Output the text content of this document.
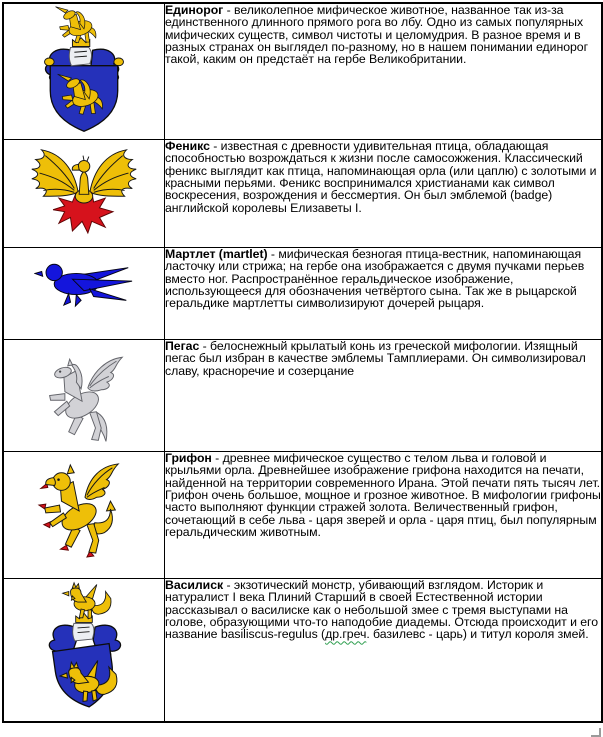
Единорог - великолепное мифическое животное, названное так из-за единственного длинного прямого рога во лбу. Одно из самых популярных мифических существ, символ чистоты и целомудрия. В разное время и в разных странах он выглядел по-разному, но в нашем понимании единорог такой, каким он предстаёт на гербе Великобритании.

Феникс - известная с древности удивительная птица, обладающая способностью возрождаться к жизни после самосожжения. Классический феникс выглядит как птица, напоминающая орла (или цаплю) с золотыми и красными перьями. Феникс воспринимался христианами как символ воскресения, возрождения и бессмертия. Он был эмблемой (badge) английской королевы Елизаветы I.

Мартлет (martlet) - мифическая безногая птица-вестник, напоминающая ласточку или стрижа; на гербе она изображается с двумя пучками перьев вместо ног. Распространённое геральдическое изображение, использующееся для обозначения четвёртого сына. Так же в рыцарской геральдике мартлетты символизируют дочерей рыцаря.

Пегас - белоснежный крылатый конь из греческой мифологии. Изящный пегас был избран в качестве эмблемы Тамплиерами. Он символизировал славу, красноречие и созерцание

Грифон - древнее мифическое существо с телом льва и головой и крыльями орла. Древнейшее изображение грифона находится на печати, найденной на территории современного Ирана. Этой печати пять тысяч лет. Грифон очень большое, мощное и грозное животное. В мифологии грифоны часто выполняют функции стражей золота. Величественный грифон, сочетающий в себе льва - царя зверей и орла - царя птиц, был популярным геральдическим животным.

Василиск - экзотический монстр, убивающий взглядом. Историк и натуралист I века Плиний Старший в своей Естественной истории рассказывал о василиске как о небольшой змее с тремя выступами на голове, образующими что-то наподобие диадемы. Отсюда происходит и его название basiliscus-regulus (др.греч. базилевс - царь) и титул короля змей.
